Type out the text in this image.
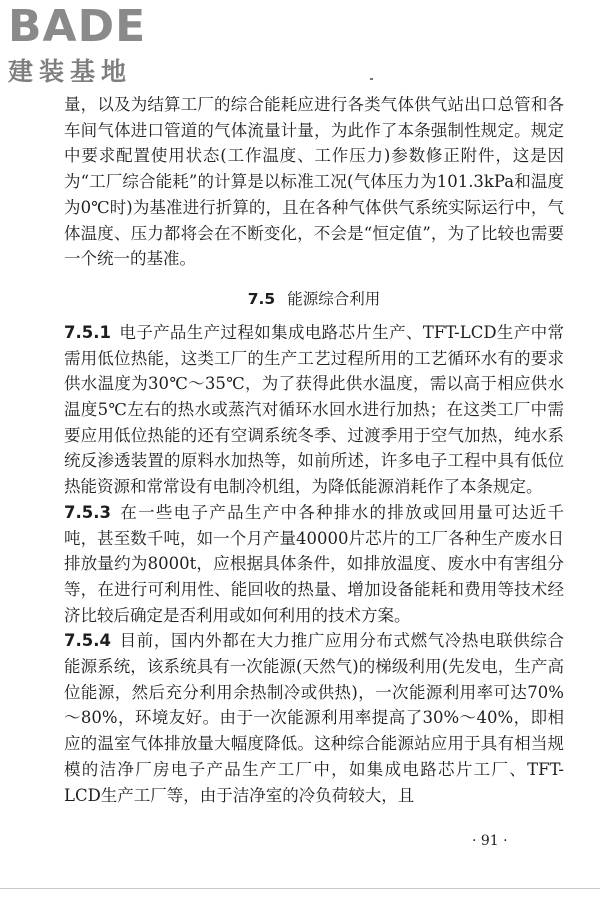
BADE
建装基地

量，以及为结算工厂的综合能耗应进行各类气体供气站出口总管和各车间气体进口管道的气体流量计量，为此作了本条强制性规定。规定中要求配置使用状态(工作温度、工作压力)参数修正附件，这是因为“工厂综合能耗”的计算是以标准工况(气体压力为101.3kPa和温度为0℃时)为基准进行折算的，且在各种气体供气系统实际运行中，气体温度、压力都将会在不断变化，不会是“恒定值”，为了比较也需要一个统一的基准。

7.5 能源综合利用

7.5.1 电子产品生产过程如集成电路芯片生产、TFT-LCD生产中常需用低位热能，这类工厂的生产工艺过程所用的工艺循环水有的要求供水温度为30℃～35℃，为了获得此供水温度，需以高于相应供水温度5℃左右的热水或蒸汽对循环水回水进行加热；在这类工厂中需要应用低位热能的还有空调系统冬季、过渡季用于空气加热，纯水系统反渗透装置的原料水加热等，如前所述，许多电子工程中具有低位热能资源和常常设有电制冷机组，为降低能源消耗作了本条规定。

7.5.3 在一些电子产品生产中各种排水的排放或回用量可达近千吨，甚至数千吨，如一个月产量40000片芯片的工厂各种生产废水日排放量约为8000t，应根据具体条件，如排放温度、废水中有害组分等，在进行可利用性、能回收的热量、增加设备能耗和费用等技术经济比较后确定是否利用或如何利用的技术方案。

7.5.4 目前，国内外都在大力推广应用分布式燃气冷热电联供综合能源系统，该系统具有一次能源(天然气)的梯级利用(先发电，生产高位能源，然后充分利用余热制冷或供热)，一次能源利用率可达70%～80%，环境友好。由于一次能源利用率提高了30%～40%，即相应的温室气体排放量大幅度降低。这种综合能源站应用于具有相当规模的洁净厂房电子产品生产工厂中，如集成电路芯片工厂、TFT-LCD生产工厂等，由于洁净室的冷负荷较大，且

· 91 ·
